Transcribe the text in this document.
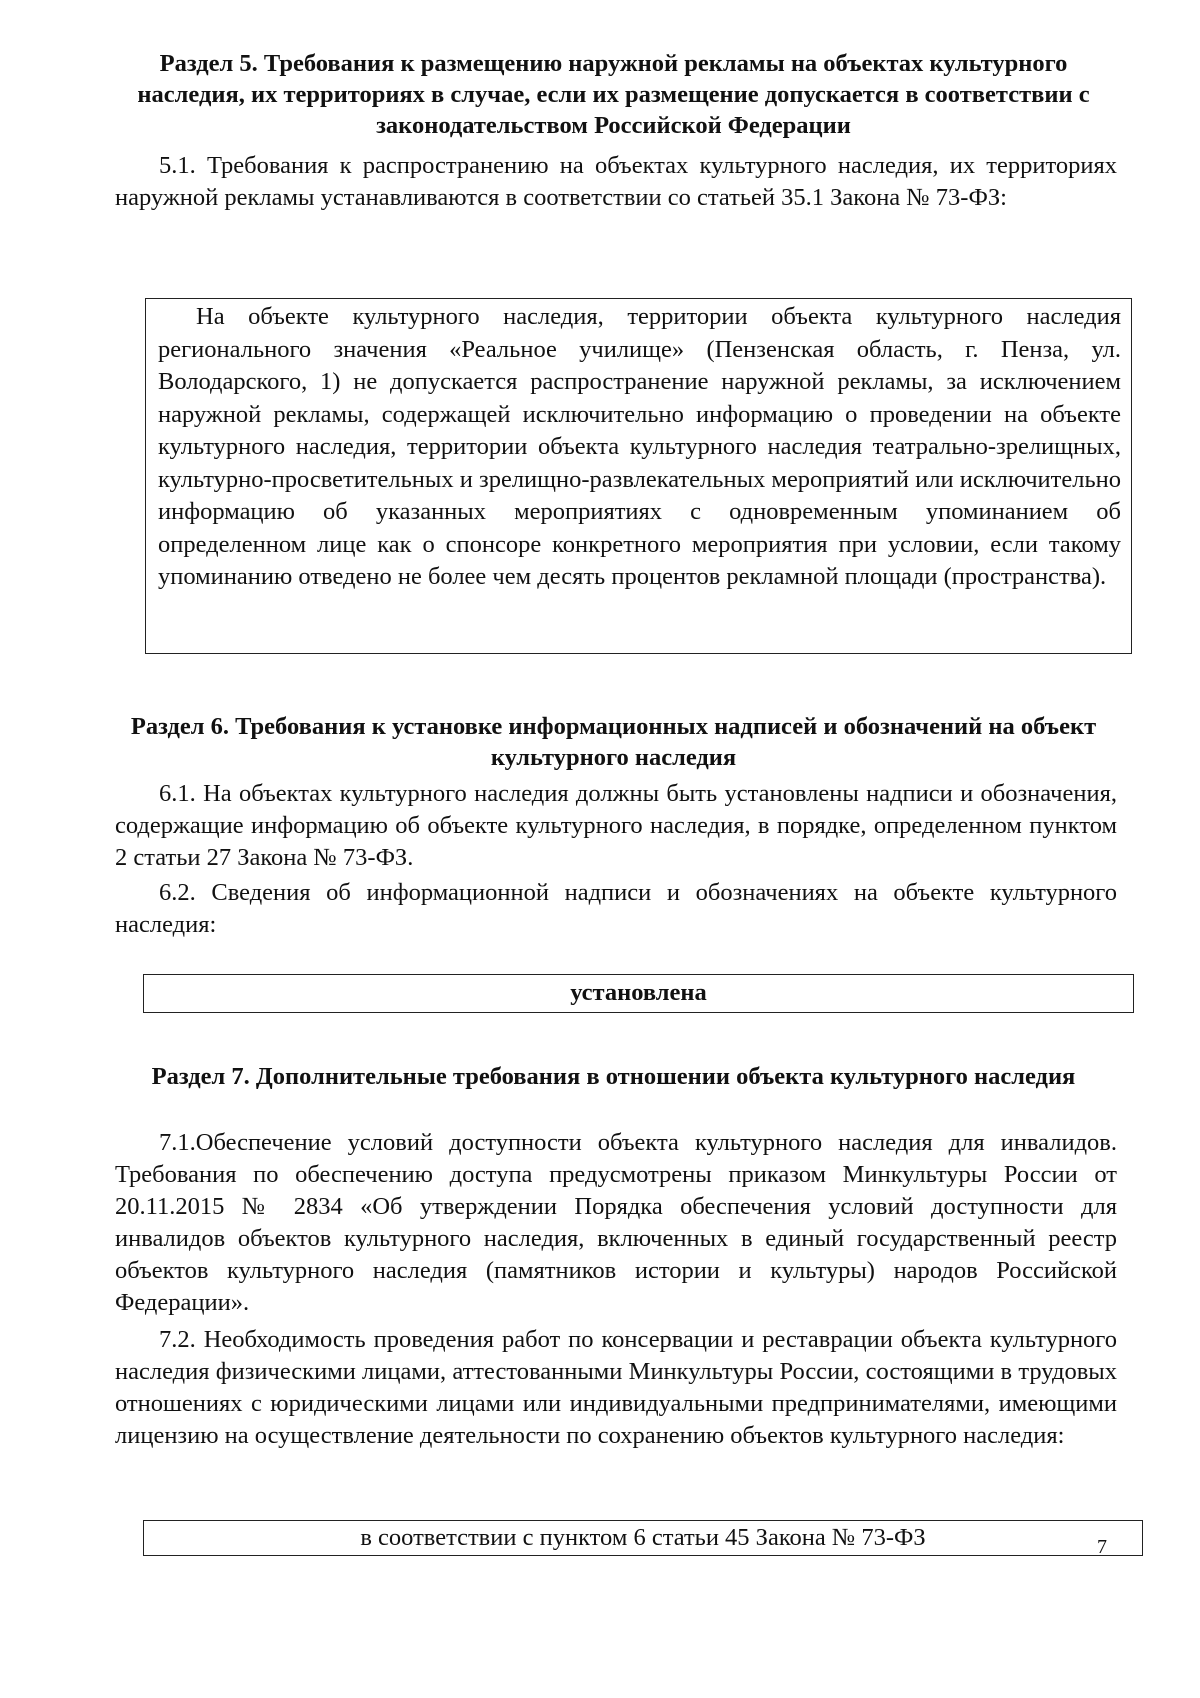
Раздел 5. Требования к размещению наружной рекламы на объектах культурного наследия, их территориях в случае, если их размещение допускается в соответствии с законодательством Российской Федерации

5.1. Требования к распространению на объектах культурного наследия, их территориях наружной рекламы устанавливаются в соответствии со статьей 35.1 Закона № 73-ФЗ:

На объекте культурного наследия, территории объекта культурного наследия регионального значения «Реальное училище» (Пензенская область, г. Пенза, ул. Володарского, 1) не допускается распространение наружной рекламы, за исключением наружной рекламы, содержащей исключительно информацию о проведении на объекте культурного наследия, территории объекта культурного наследия театрально-зрелищных, культурно-просветительных и зрелищно-развлекательных мероприятий или исключительно информацию об указанных мероприятиях с одновременным упоминанием об определенном лице как о спонсоре конкретного мероприятия при условии, если такому упоминанию отведено не более чем десять процентов рекламной площади (пространства).

Раздел 6. Требования к установке информационных надписей и обозначений на объект культурного наследия

6.1. На объектах культурного наследия должны быть установлены надписи и обозначения, содержащие информацию об объекте культурного наследия, в порядке, определенном пунктом 2 статьи 27 Закона № 73-ФЗ.

6.2. Сведения об информационной надписи и обозначениях на объекте культурного наследия:

установлена

Раздел 7. Дополнительные требования в отношении объекта культурного наследия

7.1.Обеспечение условий доступности объекта культурного наследия для инвалидов. Требования по обеспечению доступа предусмотрены приказом Минкультуры России от 20.11.2015 № 2834 «Об утверждении Порядка обеспечения условий доступности для инвалидов объектов культурного наследия, включенных в единый государственный реестр объектов культурного наследия (памятников истории и культуры) народов Российской Федерации».

7.2. Необходимость проведения работ по консервации и реставрации объекта культурного наследия физическими лицами, аттестованными Минкультуры России, состоящими в трудовых отношениях с юридическими лицами или индивидуальными предпринимателями, имеющими лицензию на осуществление деятельности по сохранению объектов культурного наследия:

в соответствии с пунктом 6 статьи 45 Закона № 73-ФЗ	7
